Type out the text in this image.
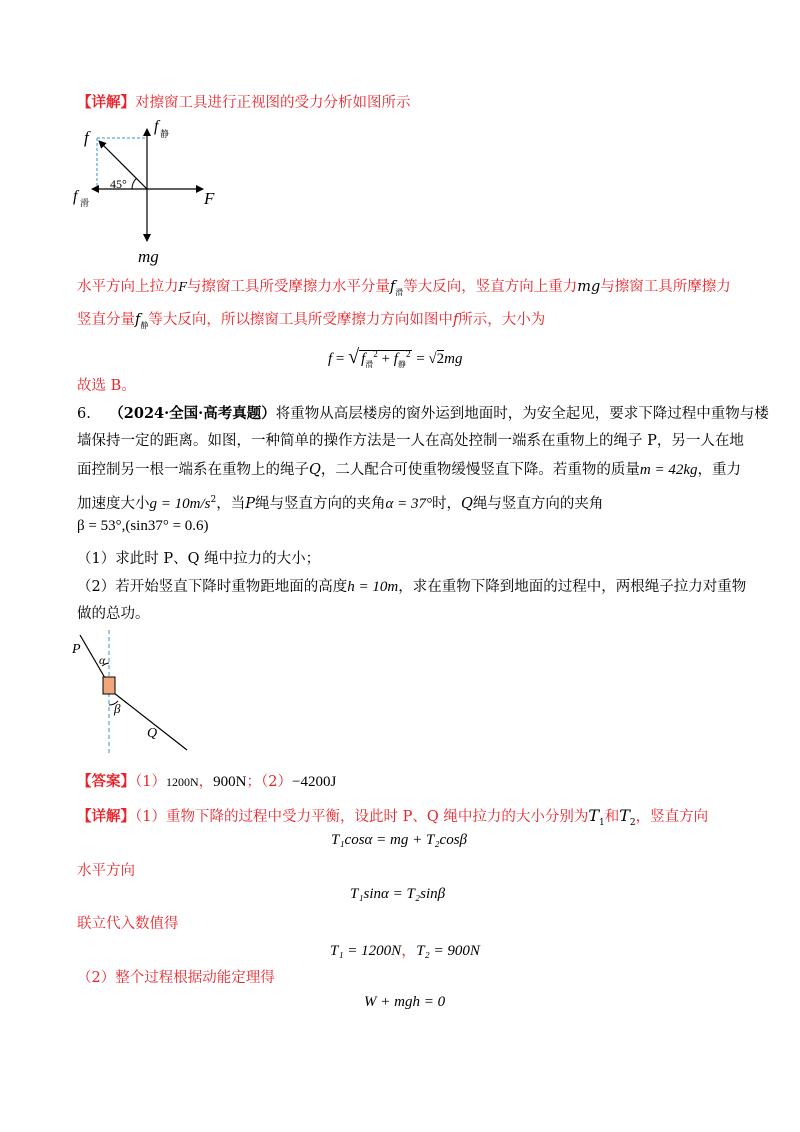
【详解】对擦窗工具进行正视图的受力分析如图所示
f
f 静
f 滑
45°
F
mg
水平方向上拉力F与擦窗工具所受摩擦力水平分量$f_滑$等大反向，竖直方向上重力mg与擦窗工具所摩擦力
竖直分量$f_静$等大反向，所以擦窗工具所受摩擦力方向如图中f所示，大小为
f = √ $f_滑^2 + f_静^2 = √2mg$
故选 B。
6. （2024·全国·高考真题）将重物从高层楼房的窗外运到地面时，为安全起见，要求下降过程中重物与楼
墙保持一定的距离。如图，一种简单的操作方法是一人在高处控制一端系在重物上的绳子 P，另一人在地
面控制另一根一端系在重物上的绳子Q，二人配合可使重物缓慢竖直下降。若重物的质量m = 42kg，重力
加速度大小$g = 10m/s^2$，当P绳与竖直方向的夹角α = 37°时，Q绳与竖直方向的夹角
β = 53°,(sin37° = 0.6)
（1）求此时 P、Q 绳中拉力的大小；
（2）若开始竖直下降时重物距地面的高度h = 10m，求在重物下降到地面的过程中，两根绳子拉力对重物
做的总功。
P
α
β
Q
【答案】（1）1200N，900N；（2）−4200J
【详解】（1）重物下降的过程中受力平衡，设此时 P、Q 绳中拉力的大小分别为$T_1$和$T_2$，竖直方向
T₁cosα = mg + T₂cosβ
水平方向
T₁sinα = T₂sinβ
联立代入数值得
T₁ = 1200N，T₂ = 900N
（2）整个过程根据动能定理得
W + mgh = 0
